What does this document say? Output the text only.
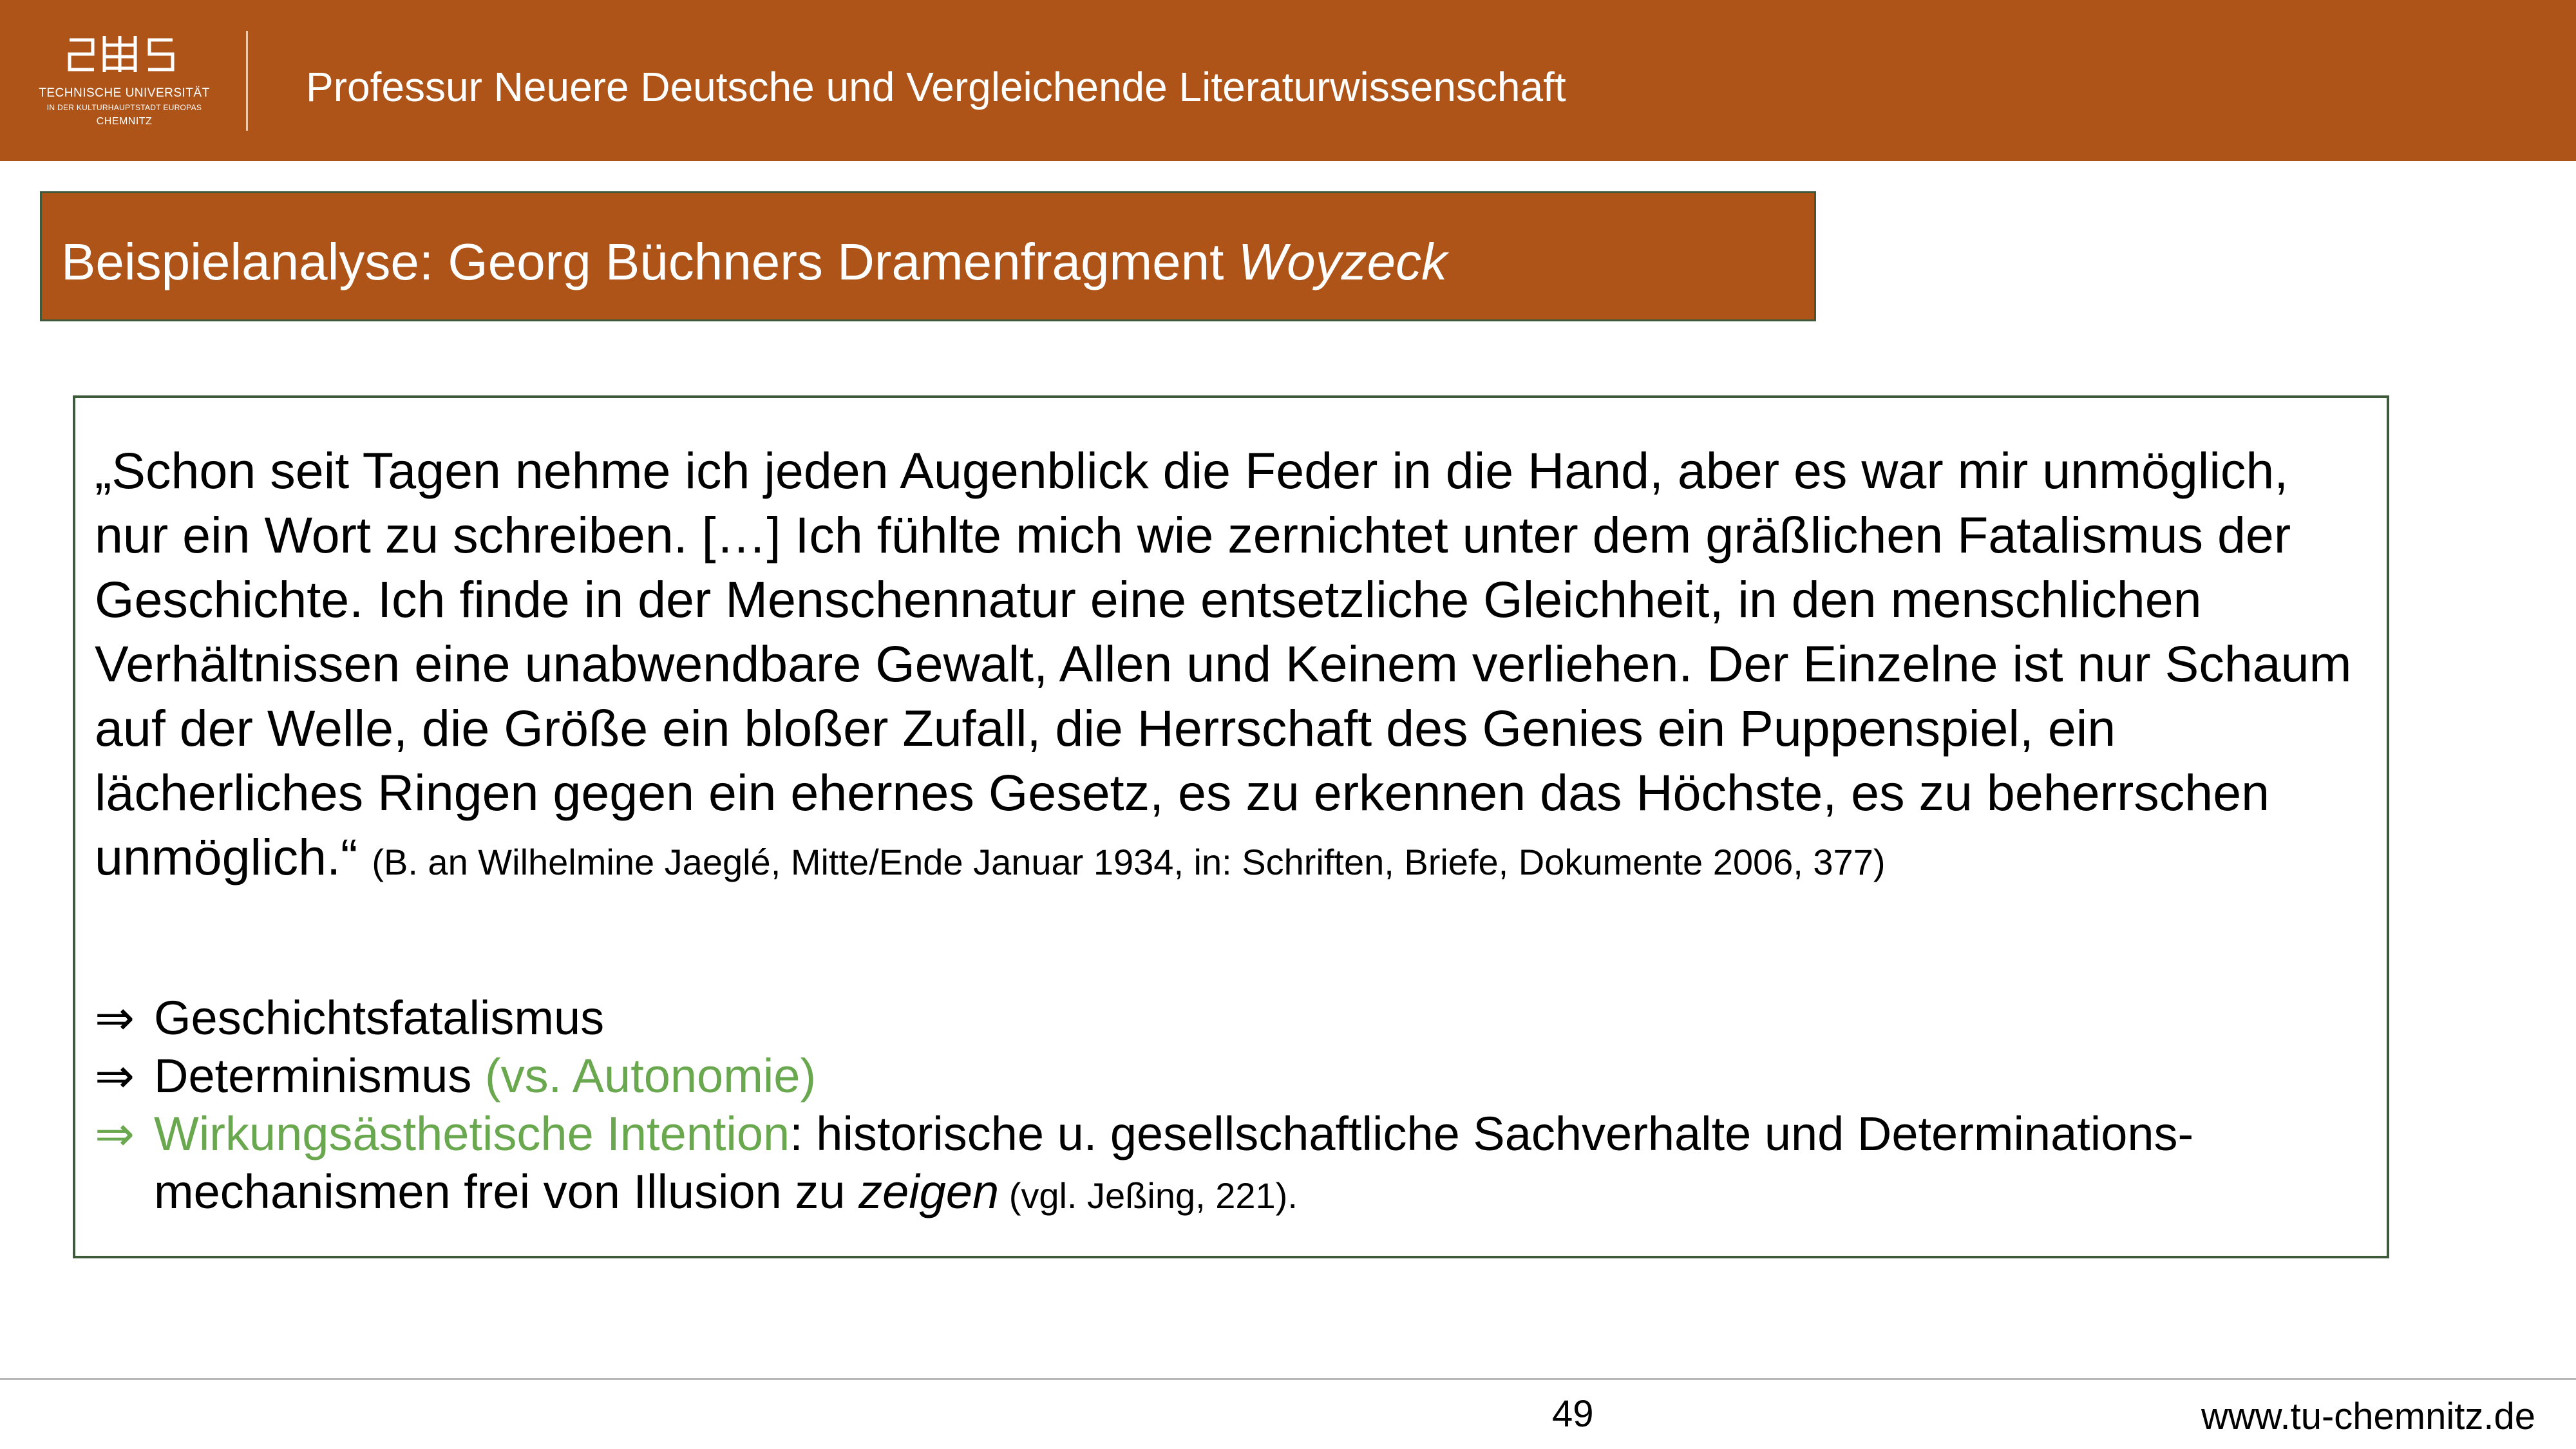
TECHNISCHE UNIVERSITÄT
IN DER KULTURHAUPTSTADT EUROPAS
CHEMNITZ
Professur Neuere Deutsche und Vergleichende Literaturwissenschaft
Beispielanalyse: Georg Büchners Dramenfragment Woyzeck

„Schon seit Tagen nehme ich jeden Augenblick die Feder in die Hand, aber es war mir unmöglich, nur ein Wort zu schreiben. […] Ich fühlte mich wie zernichtet unter dem gräßlichen Fatalismus der Geschichte. Ich finde in der Menschennatur eine entsetzliche Gleichheit, in den menschlichen Verhältnissen eine unabwendbare Gewalt, Allen und Keinem verliehen. Der Einzelne ist nur Schaum auf der Welle, die Größe ein bloßer Zufall, die Herrschaft des Genies ein Puppenspiel, ein lächerliches Ringen gegen ein ehernes Gesetz, es zu erkennen das Höchste, es zu beherrschen unmöglich.“ (B. an Wilhelmine Jaeglé, Mitte/Ende Januar 1934, in: Schriften, Briefe, Dokumente 2006, 377)

⇒ Geschichtsfatalismus
⇒ Determinismus (vs. Autonomie)
⇒ Wirkungsästhetische Intention: historische u. gesellschaftliche Sachverhalte und Determinations-mechanismen frei von Illusion zu zeigen (vgl. Jeßing, 221).
49	www.tu-chemnitz.de
